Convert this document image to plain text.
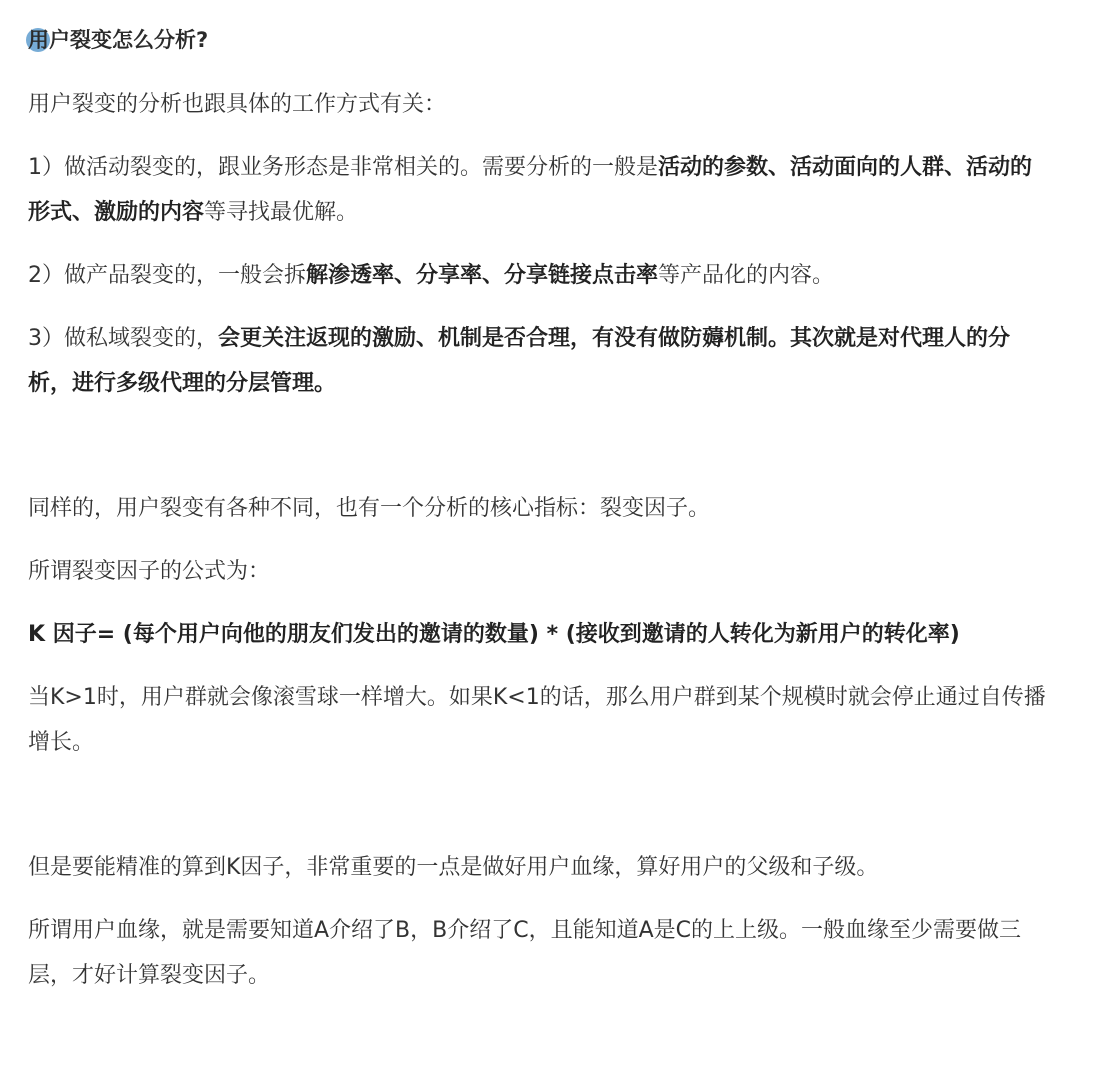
用户裂变怎么分析?

用户裂变的分析也跟具体的工作方式有关：

1）做活动裂变的，跟业务形态是非常相关的。需要分析的一般是活动的参数、活动面向的人群、活动的形式、激励的内容等寻找最优解。

2）做产品裂变的，一般会拆解渗透率、分享率、分享链接点击率等产品化的内容。

3）做私域裂变的，会更关注返现的激励、机制是否合理，有没有做防薅机制。其次就是对代理人的分析，进行多级代理的分层管理。

同样的，用户裂变有各种不同，也有一个分析的核心指标：裂变因子。

所谓裂变因子的公式为：

K 因子= (每个用户向他的朋友们发出的邀请的数量) * (接收到邀请的人转化为新用户的转化率)

当K>1时，用户群就会像滚雪球一样增大。如果K<1的话，那么用户群到某个规模时就会停止通过自传播增长。

但是要能精准的算到K因子，非常重要的一点是做好用户血缘，算好用户的父级和子级。

所谓用户血缘，就是需要知道A介绍了B，B介绍了C，且能知道A是C的上上级。一般血缘至少需要做三层，才好计算裂变因子。
